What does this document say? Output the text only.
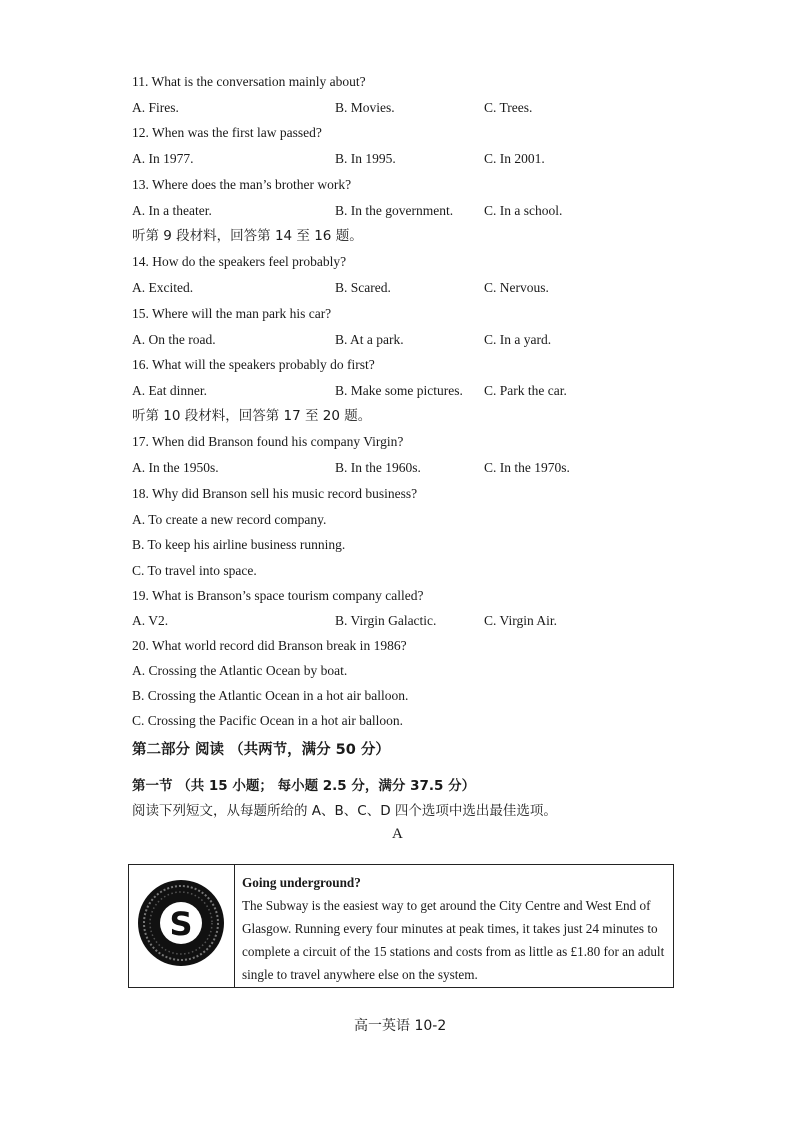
11. What is the conversation mainly about?
A. Fires.	B. Movies.	C. Trees.
12. When was the first law passed?
A. In 1977.	B. In 1995.	C. In 2001.
13. Where does the man’s brother work?
A. In a theater.	B. In the government. C. In a school.
听第 9 段材料，回答第 14 至 16 题。
14. How do the speakers feel probably?
A. Excited.	B. Scared.	C. Nervous.
15. Where will the man park his car?
A. On the road.	B. At a park.	C. In a yard.
16. What will the speakers probably do first?
A. Eat dinner.	B. Make some pictures. C. Park the car.
听第 10 段材料，回答第 17 至 20 题。
17. When did Branson found his company Virgin?
A. In the 1950s.	B. In the 1960s.	C. In the 1970s.
18. Why did Branson sell his music record business?
A. To create a new record company.
B. To keep his airline business running.
C. To travel into space.
19. What is Branson’s space tourism company called?
A. V2.	B. Virgin Galactic.	C. Virgin Air.
20. What world record did Branson break in 1986?
A. Crossing the Atlantic Ocean by boat.
B. Crossing the Atlantic Ocean in a hot air balloon.
C. Crossing the Pacific Ocean in a hot air balloon.
第二部分 阅读 （共两节，满分 50 分）
第一节 （共 15 小题； 每小题 2.5 分，满分 37.5 分）
阅读下列短文，从每题所给的 A、B、C、D 四个选项中选出最佳选项。
A
S
Going underground?
The Subway is the easiest way to get around the City Centre and West End of
Glasgow. Running every four minutes at peak times, it takes just 24 minutes to
complete a circuit of the 15 stations and costs from as little as £1.80 for an adult
single to travel anywhere else on the system.
高一英语 10-2
